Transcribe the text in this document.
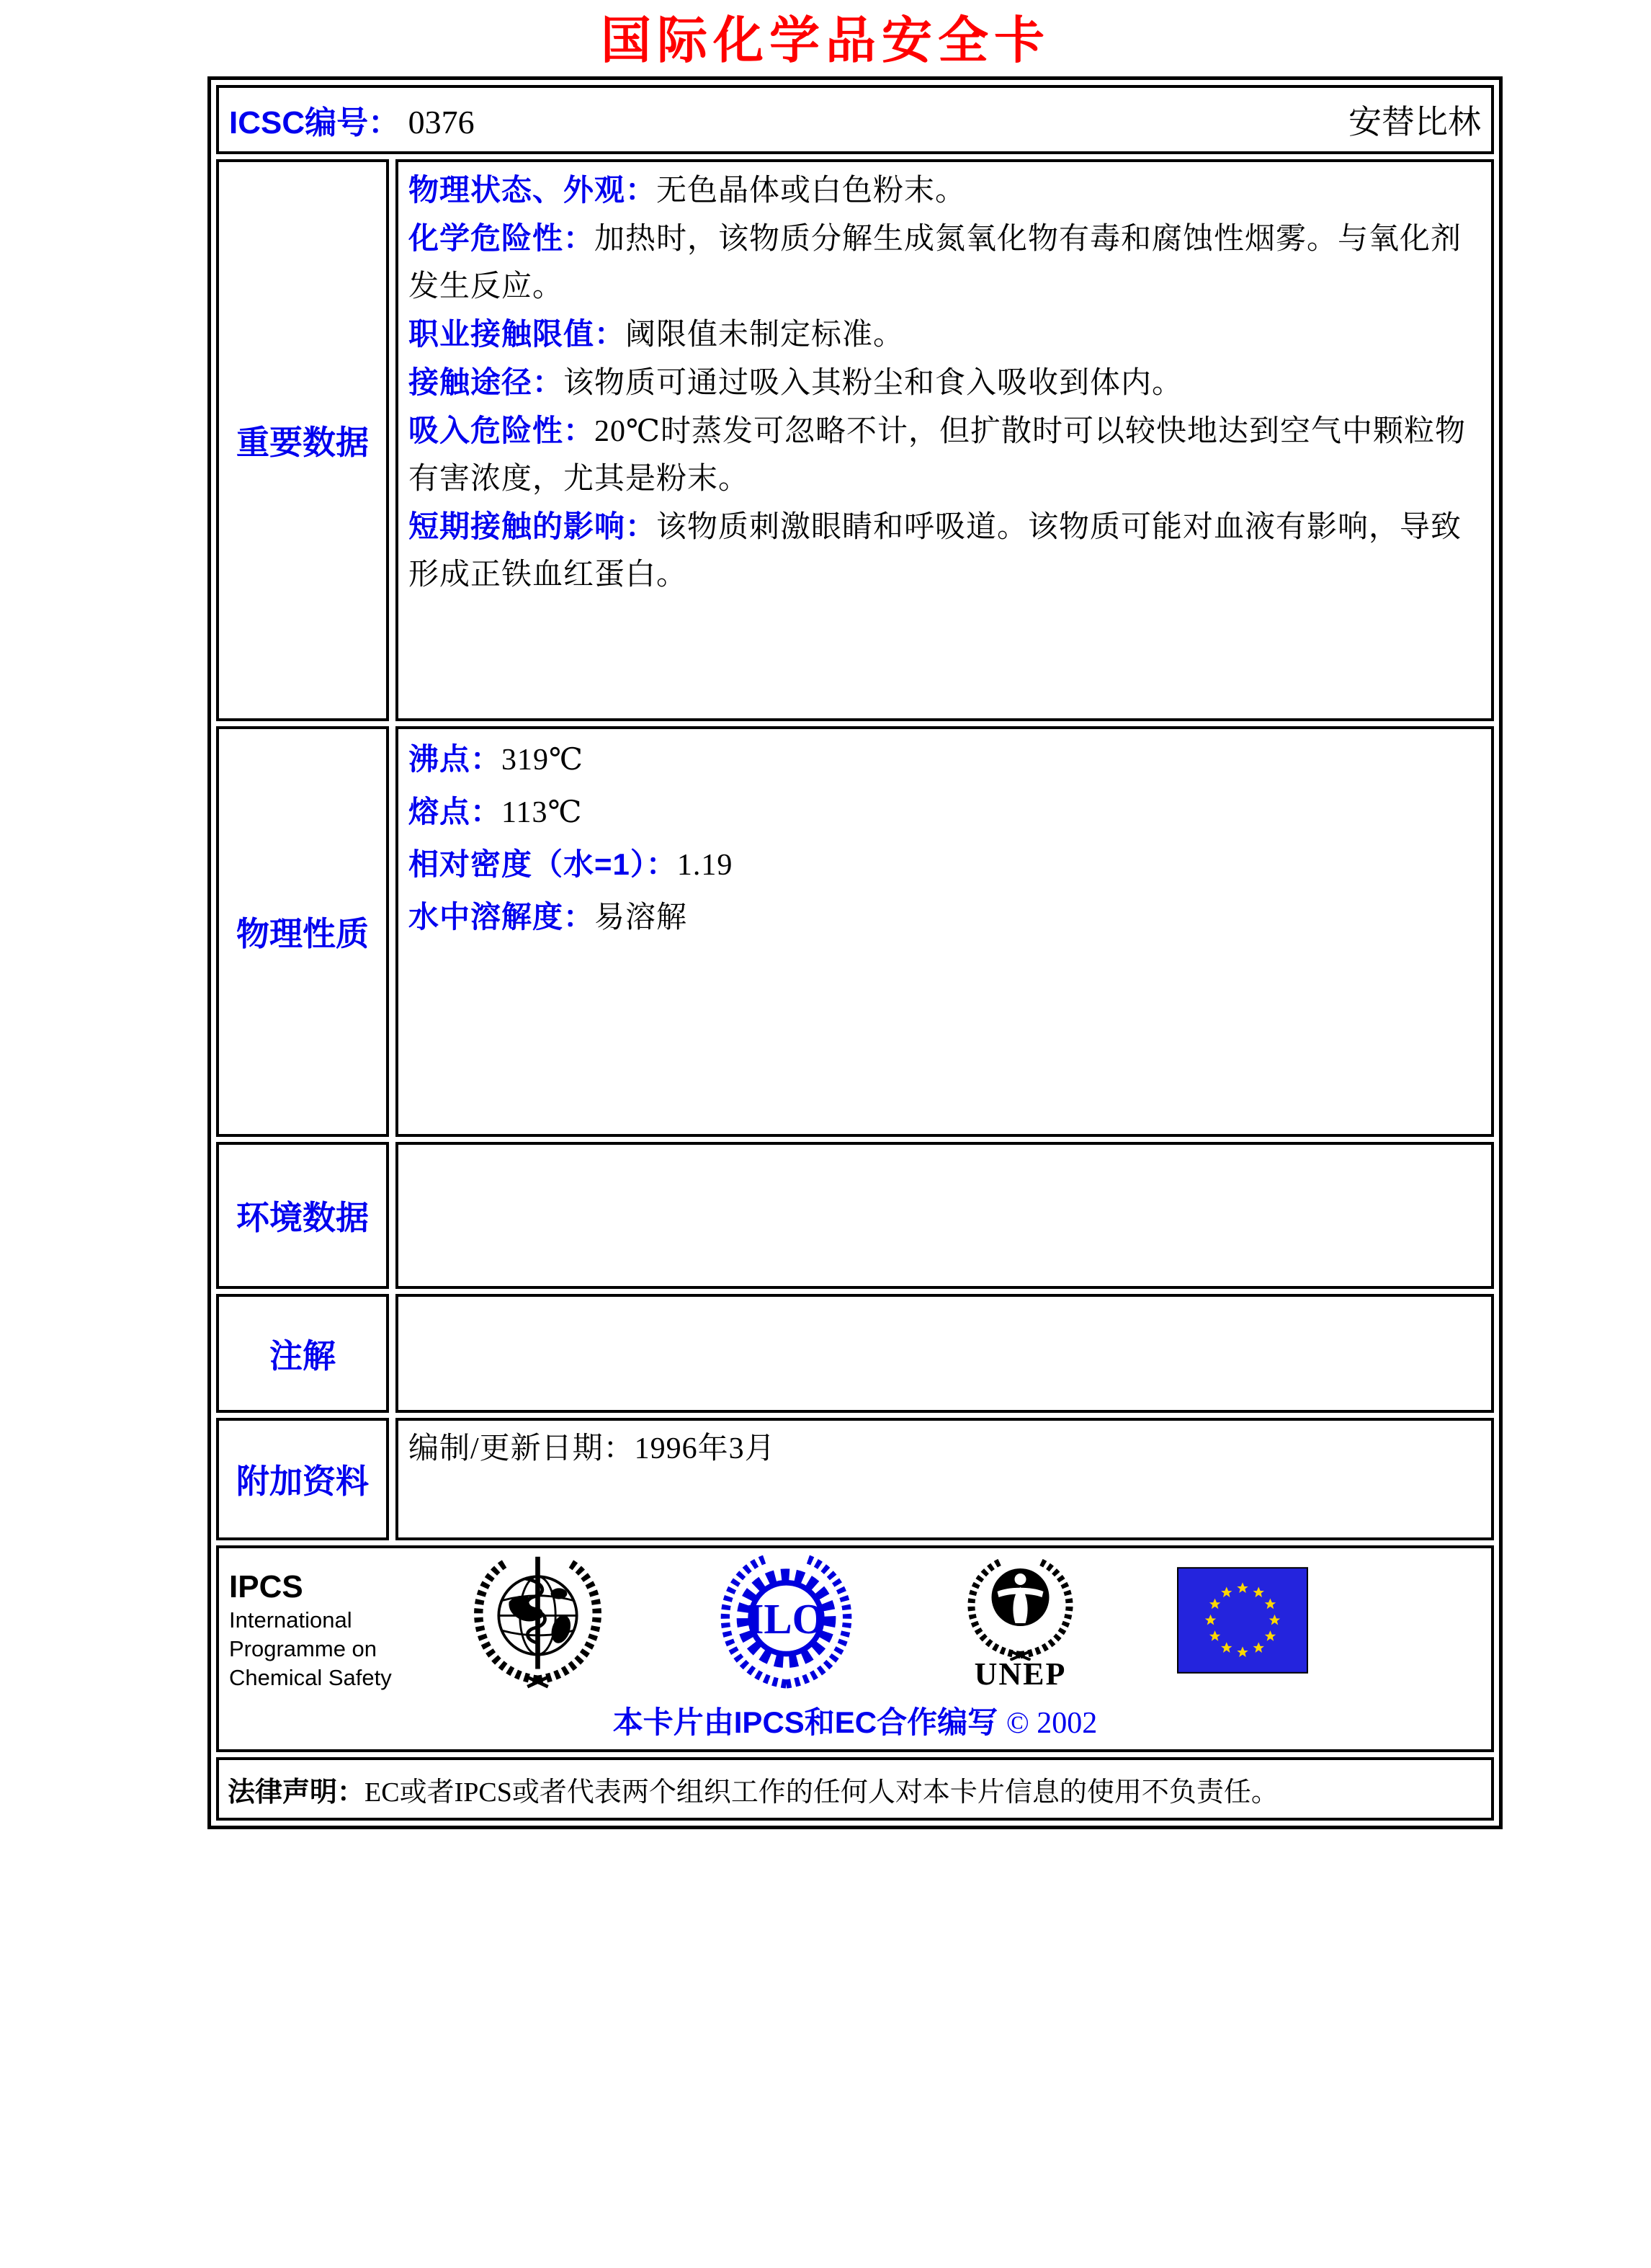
国际化学品安全卡
ICSC编号： 0376	安替比林
重要数据

物理状态、外观：无色晶体或白色粉末。

化学危险性：加热时，该物质分解生成氮氧化物有毒和腐蚀性烟雾。与氧化剂发生反应。

职业接触限值：阈限值未制定标准。

接触途径：该物质可通过吸入其粉尘和食入吸收到体内。

吸入危险性：20℃时蒸发可忽略不计，但扩散时可以较快地达到空气中颗粒物有害浓度，尤其是粉末。

短期接触的影响：该物质刺激眼睛和呼吸道。该物质可能对血液有影响，导致形成正铁血红蛋白。

物理性质

沸点：319℃

熔点：113℃

相对密度（水=1）：1.19

水中溶解度：易溶解

环境数据

注解

附加资料

编制/更新日期：1996年3月

IPCS
International
Programme on
Chemical Safety
ILO
UNEP
本卡片由IPCS和EC合作编写 © 2002
法律声明： EC或者IPCS或者代表两个组织工作的任何人对本卡片信息的使用不负责任。
